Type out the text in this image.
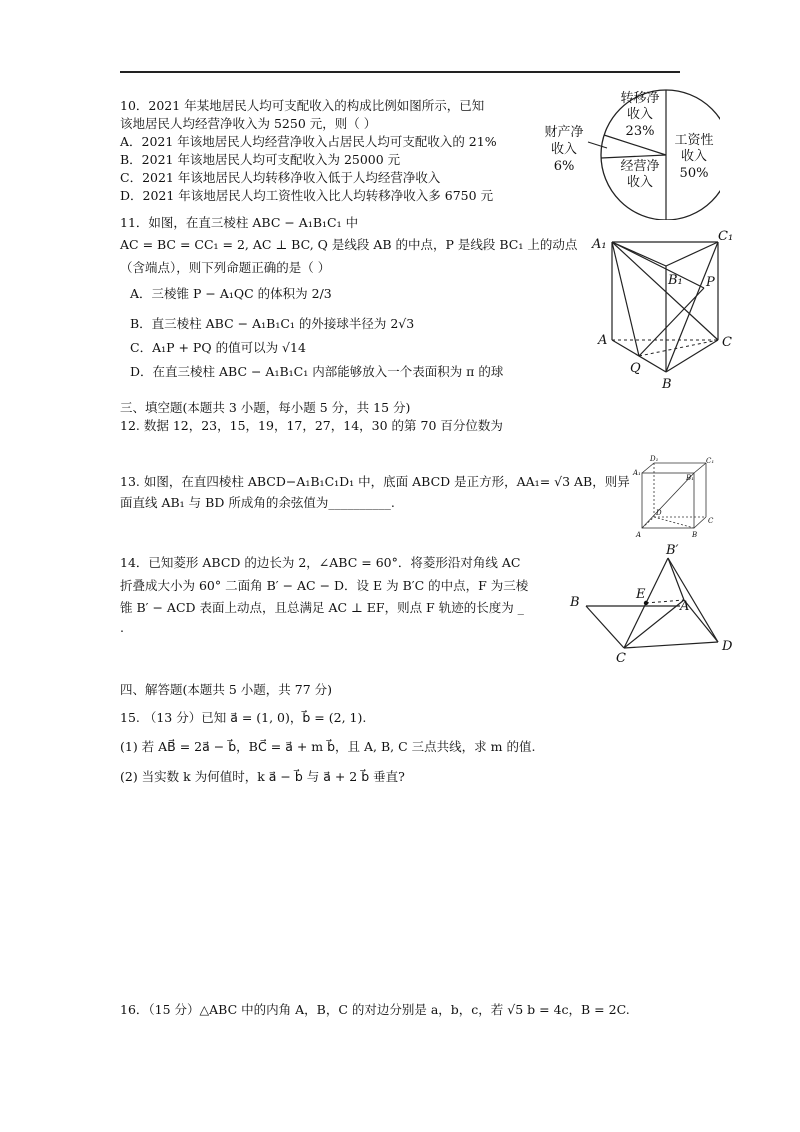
10．2021 年某地居民人均可支配收入的构成比例如图所示，已知
该地居民人均经营净收入为 5250 元，则（ ）
A．2021 年该地居民人均经营净收入占居民人均可支配收入的 21%
B．2021 年该地居民人均可支配收入为 25000 元
C．2021 年该地居民人均转移净收入低于人均经营净收入
D．2021 年该地居民人均工资性收入比人均转移净收入多 6750 元
转移净
收入
23%
工资性
收入
50%
财产净
收入
6%	经营净
收入
11．如图，在直三棱柱 ABC − A₁B₁C₁ 中
AC = BC = CC₁ = 2, AC ⊥ BC, Q 是线段 AB 的中点，P 是线段 BC₁ 上的动点
（含端点），则下列命题正确的是（ ）
A．三棱锥 P − A₁QC 的体积为 2/3
B．直三棱柱 ABC − A₁B₁C₁ 的外接球半径为 2√3
C．A₁P + PQ 的值可以为 √14
D．在直三棱柱 ABC − A₁B₁C₁ 内部能够放入一个表面积为 π 的球
A₁
C₁
B₁ P
A	C
Q
B
三、填空题(本题共 3 小题，每小题 5 分，共 15 分)
12. 数据 12，23，15，19，17，27，14，30 的第 70 百分位数为
13. 如图，在直四棱柱 ABCD−A₁B₁C₁D₁ 中，底面 ABCD 是正方形，AA₁= √3 AB，则异
面直线 AB₁ 与 BD 所成角的余弦值为__________.
D₁	C₁
A₁
B₁
D
C
A	B
14．已知菱形 ABCD 的边长为 2，∠ABC = 60°．将菱形沿对角线 AC
折叠成大小为 60° 二面角 B′ − AC − D．设 E 为 B′C 的中点，F 为三棱
锥 B′ − ACD 表面上动点，且总满足 AC ⊥ EF，则点 F 轨迹的长度为 _
.
B′
B
E
A
C
D
四、解答题(本题共 5 小题，共 77 分)
15. （13 分）已知 a⃗ = (1, 0)，b⃗ = (2, 1).
(1) 若 AB⃗ = 2a⃗ − b⃗，BC⃗ = a⃗ + m b⃗，且 A, B, C 三点共线，求 m 的值.
(2) 当实数 k 为何值时，k a⃗ − b⃗ 与 a⃗ + 2 b⃗ 垂直?
16．（15 分）△ABC 中的内角 A，B，C 的对边分别是 a，b，c，若 √5 b = 4c，B = 2C.
